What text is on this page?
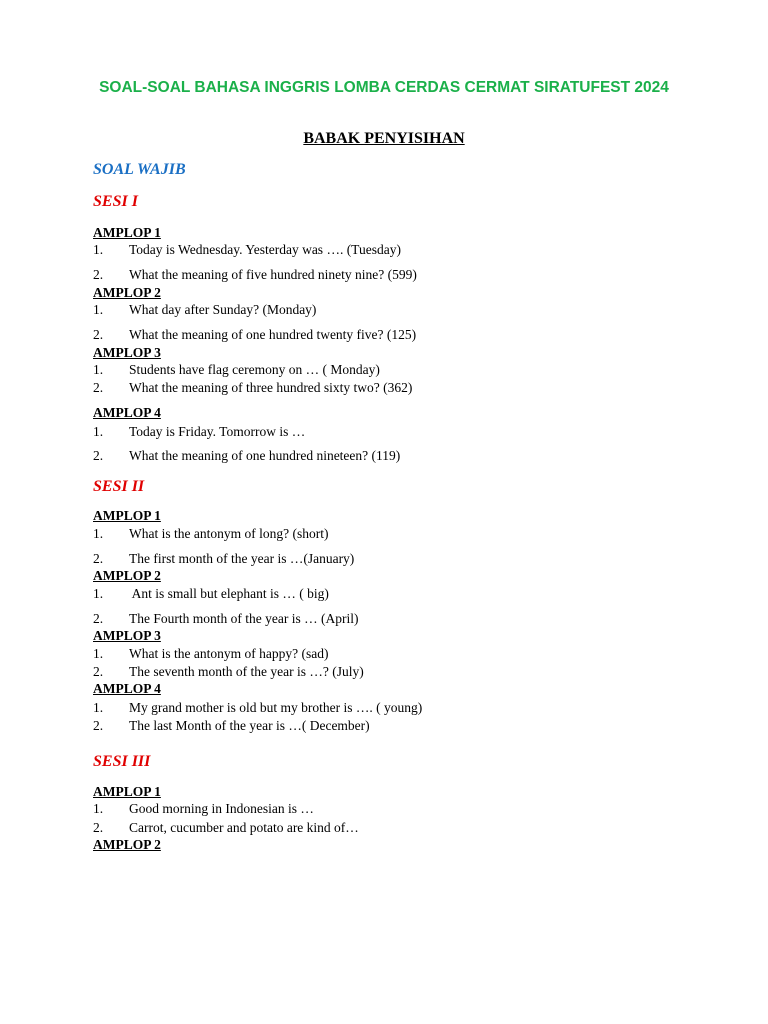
SOAL-SOAL BAHASA INGGRIS LOMBA CERDAS CERMAT SIRATUFEST 2024
BABAK PENYISIHAN
SOAL WAJIB
SESI I
AMPLOP 1
1. Today is Wednesday. Yesterday was …. (Tuesday)
2. What the meaning of five hundred ninety nine? (599)
AMPLOP 2
1. What day after Sunday? (Monday)
2. What the meaning of one hundred twenty five? (125)
AMPLOP 3
1. Students have flag ceremony on … ( Monday)
2. What the meaning of three hundred sixty two? (362)
AMPLOP 4
1. Today is Friday. Tomorrow is …
2. What the meaning of one hundred nineteen? (119)
SESI II
AMPLOP 1
1. What is the antonym of long? (short)
2. The first month of the year is …(January)
AMPLOP 2
1. Ant is small but elephant is … ( big)
2. The Fourth month of the year is … (April)
AMPLOP 3
1. What is the antonym of happy? (sad)
2. The seventh month of the year is …? (July)
AMPLOP 4
1. My grand mother is old but my brother is …. ( young)
2. The last Month of the year is …( December)
SESI III
AMPLOP 1
1. Good morning in Indonesian is …
2. Carrot, cucumber and potato are kind of…
AMPLOP 2
